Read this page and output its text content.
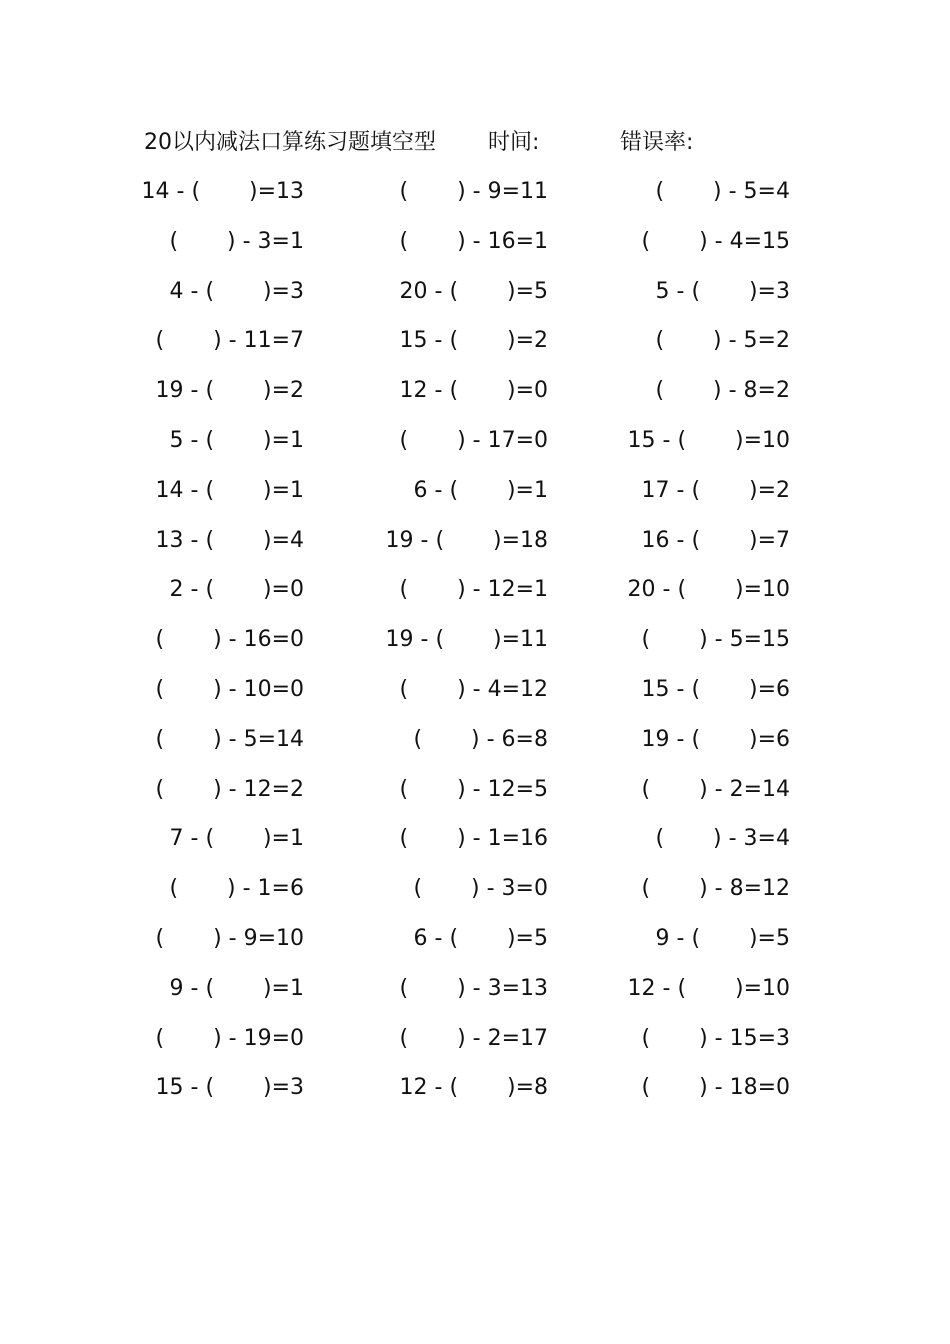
20以内减法口算练习题填空型 时间:	错误率:
14 - (       )=13	(       ) - 9=11	(       ) - 5=4
(       ) - 3=1	(       ) - 16=1	(       ) - 4=15
4 - (       )=3	20 - (       )=5	5 - (       )=3
(       ) - 11=7	15 - (       )=2	(       ) - 5=2
19 - (       )=2	12 - (       )=0	(       ) - 8=2
5 - (       )=1	(       ) - 17=0	15 - (       )=10
14 - (       )=1	6 - (       )=1	17 - (       )=2
13 - (       )=4	19 - (       )=18	16 - (       )=7
2 - (       )=0	(       ) - 12=1	20 - (       )=10
(       ) - 16=0	19 - (       )=11	(       ) - 5=15
(       ) - 10=0	(       ) - 4=12	15 - (       )=6
(       ) - 5=14	(       ) - 6=8	19 - (       )=6
(       ) - 12=2	(       ) - 12=5	(       ) - 2=14
7 - (       )=1	(       ) - 1=16	(       ) - 3=4
(       ) - 1=6	(       ) - 3=0	(       ) - 8=12
(       ) - 9=10	6 - (       )=5	9 - (       )=5
9 - (       )=1	(       ) - 3=13	12 - (       )=10
(       ) - 19=0	(       ) - 2=17	(       ) - 15=3
15 - (       )=3	12 - (       )=8	(       ) - 18=0
